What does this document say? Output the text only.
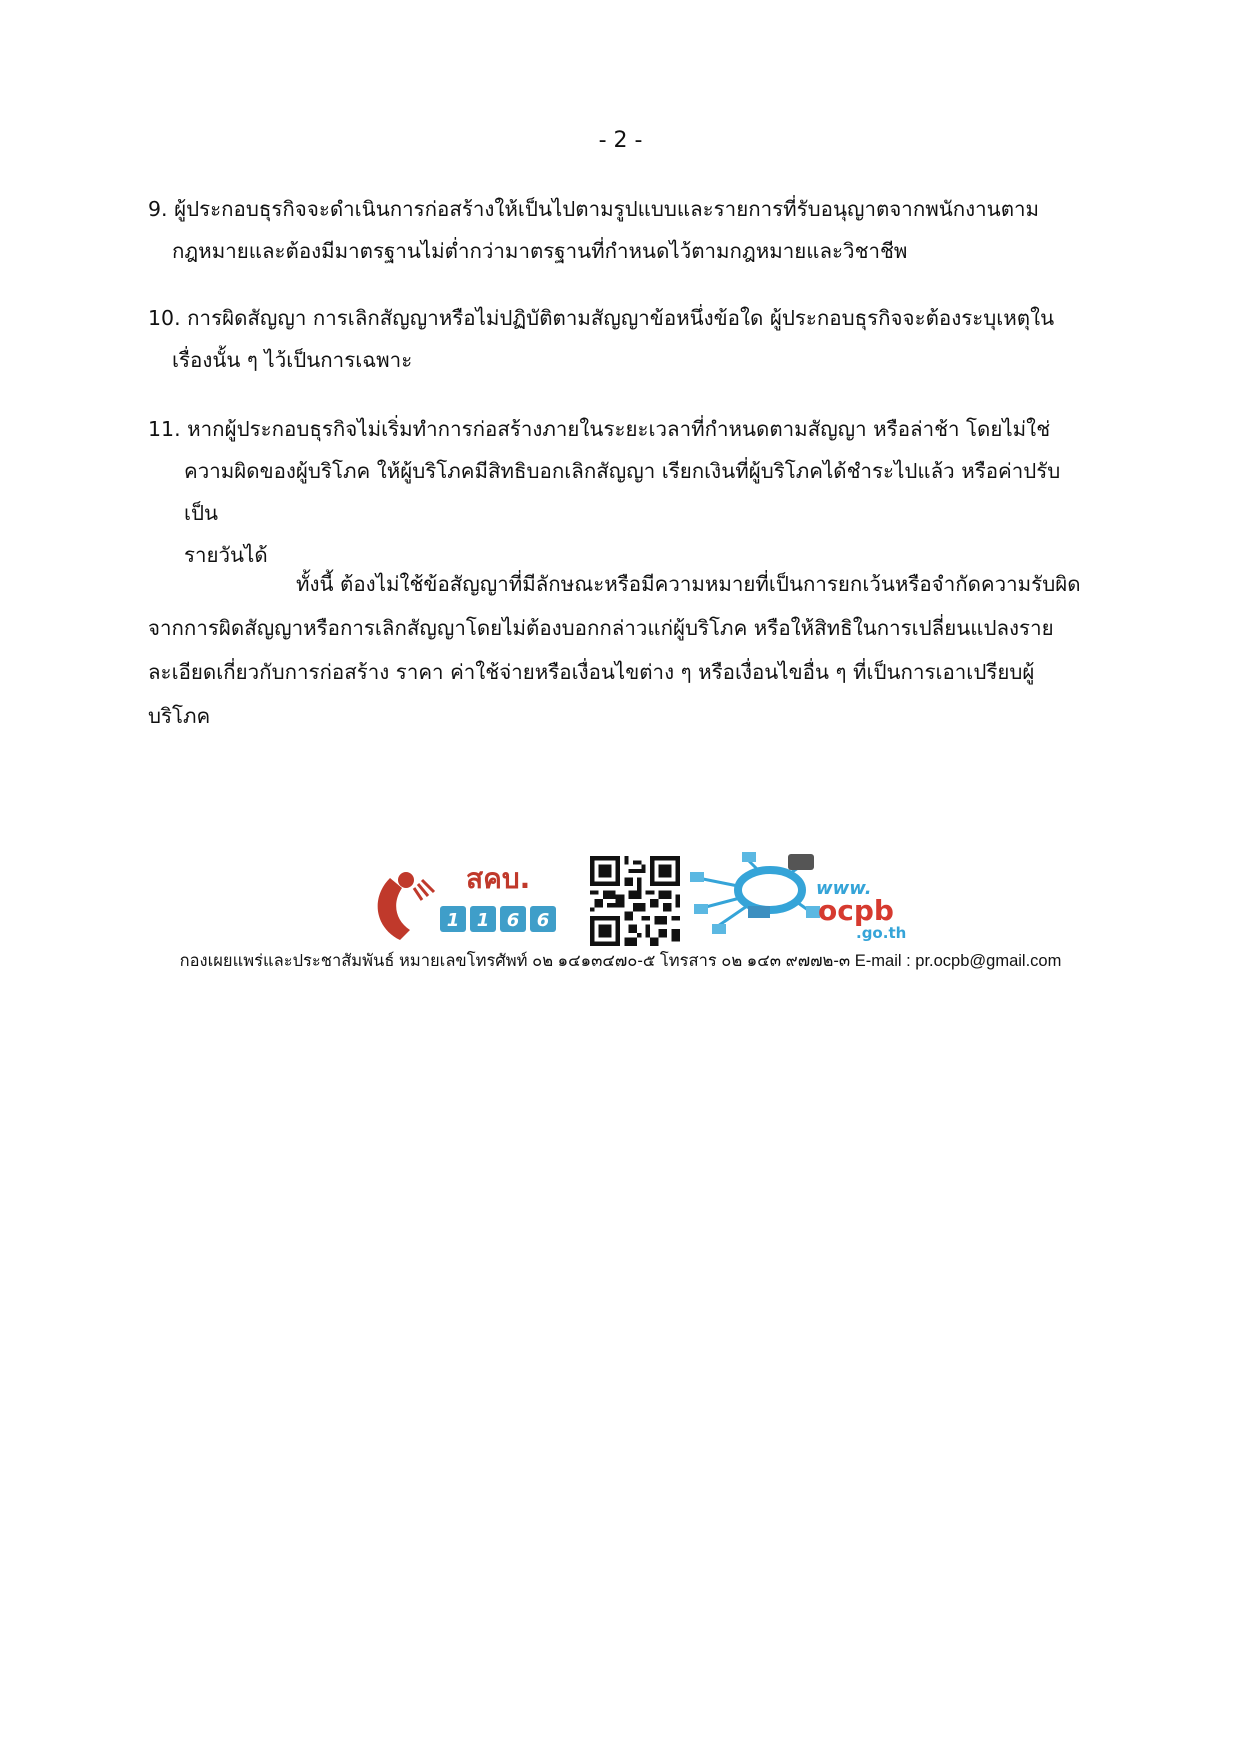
- 2 -
9. ผู้ประกอบธุรกิจจะดำเนินการก่อสร้างให้เป็นไปตามรูปแบบและรายการที่รับอนุญาตจากพนักงานตาม
กฎหมายและต้องมีมาตรฐานไม่ต่ำกว่ามาตรฐานที่กำหนดไว้ตามกฎหมายและวิชาชีพ
10. การผิดสัญญา การเลิกสัญญาหรือไม่ปฏิบัติตามสัญญาข้อหนึ่งข้อใด ผู้ประกอบธุรกิจจะต้องระบุเหตุใน
เรื่องนั้น ๆ ไว้เป็นการเฉพาะ
11. หากผู้ประกอบธุรกิจไม่เริ่มทำการก่อสร้างภายในระยะเวลาที่กำหนดตามสัญญา หรือล่าช้า โดยไม่ใช่
ความผิดของผู้บริโภค ให้ผู้บริโภคมีสิทธิบอกเลิกสัญญา เรียกเงินที่ผู้บริโภคได้ชำระไปแล้ว หรือค่าปรับเป็น
รายวันได้
ทั้งนี้ ต้องไม่ใช้ข้อสัญญาที่มีลักษณะหรือมีความหมายที่เป็นการยกเว้นหรือจำกัดความรับผิดจากการผิดสัญญาหรือการเลิกสัญญาโดยไม่ต้องบอกกล่าวแก่ผู้บริโภค หรือให้สิทธิในการเปลี่ยนแปลงรายละเอียดเกี่ยวกับการก่อสร้าง ราคา ค่าใช้จ่ายหรือเงื่อนไขต่าง ๆ หรือเงื่อนไขอื่น ๆ ที่เป็นการเอาเปรียบผู้บริโภค
สคบ.
1 1 6 6
www.
ocpb
.go.th
กองเผยแพร่และประชาสัมพันธ์ หมายเลขโทรศัพท์ ๐๒ ๑๔๑๓๔๗๐-๕ โทรสาร ๐๒ ๑๔๓ ๙๗๗๒-๓ E-mail : pr.ocpb@gmail.com
